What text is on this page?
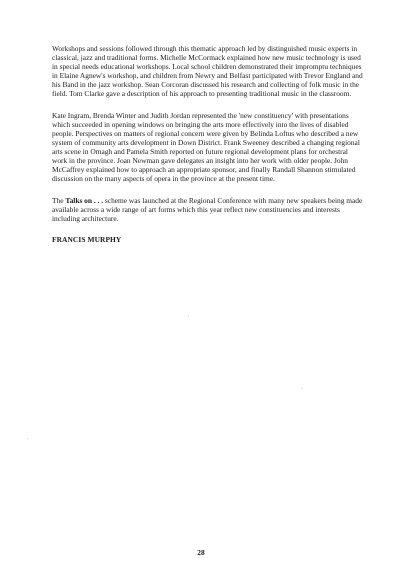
Workshops and sessions followed through this thematic approach led by distinguished music experts in classical, jazz and traditional forms. Michelle McCormack explained how new music technology is used in special needs educational workshops. Local school children demonstrated their impromptu techniques in Elaine Agnew's workshop, and children from Newry and Belfast participated with Trevor England and his Band in the jazz workshop. Sean Corcoran discussed his research and collecting of folk music in the field. Tom Clarke gave a description of his approach to presenting traditional music in the classroom.

Kate Ingram, Brenda Winter and Judith Jordan represented the 'new constituency' with presentations which succeeded in opening windows on bringing the arts more effectively into the lives of disabled people. Perspectives on matters of regional concern were given by Belinda Loftus who described a new system of community arts development in Down District. Frank Sweeney described a changing regional arts scene in Omagh and Pamela Smith reported on future regional development plans for orchestral work in the province. Joan Newman gave delegates an insight into her work with older people. John McCaffrey explained how to approach an appropriate sponsor, and finally Randall Shannon stimulated discussion on the many aspects of opera in the province at the present time.

The Talks on . . . scheme was launched at the Regional Conference with many new speakers being made available across a wide range of art forms which this year reflect new constituencies and interests including architecture.

FRANCIS MURPHY

28
